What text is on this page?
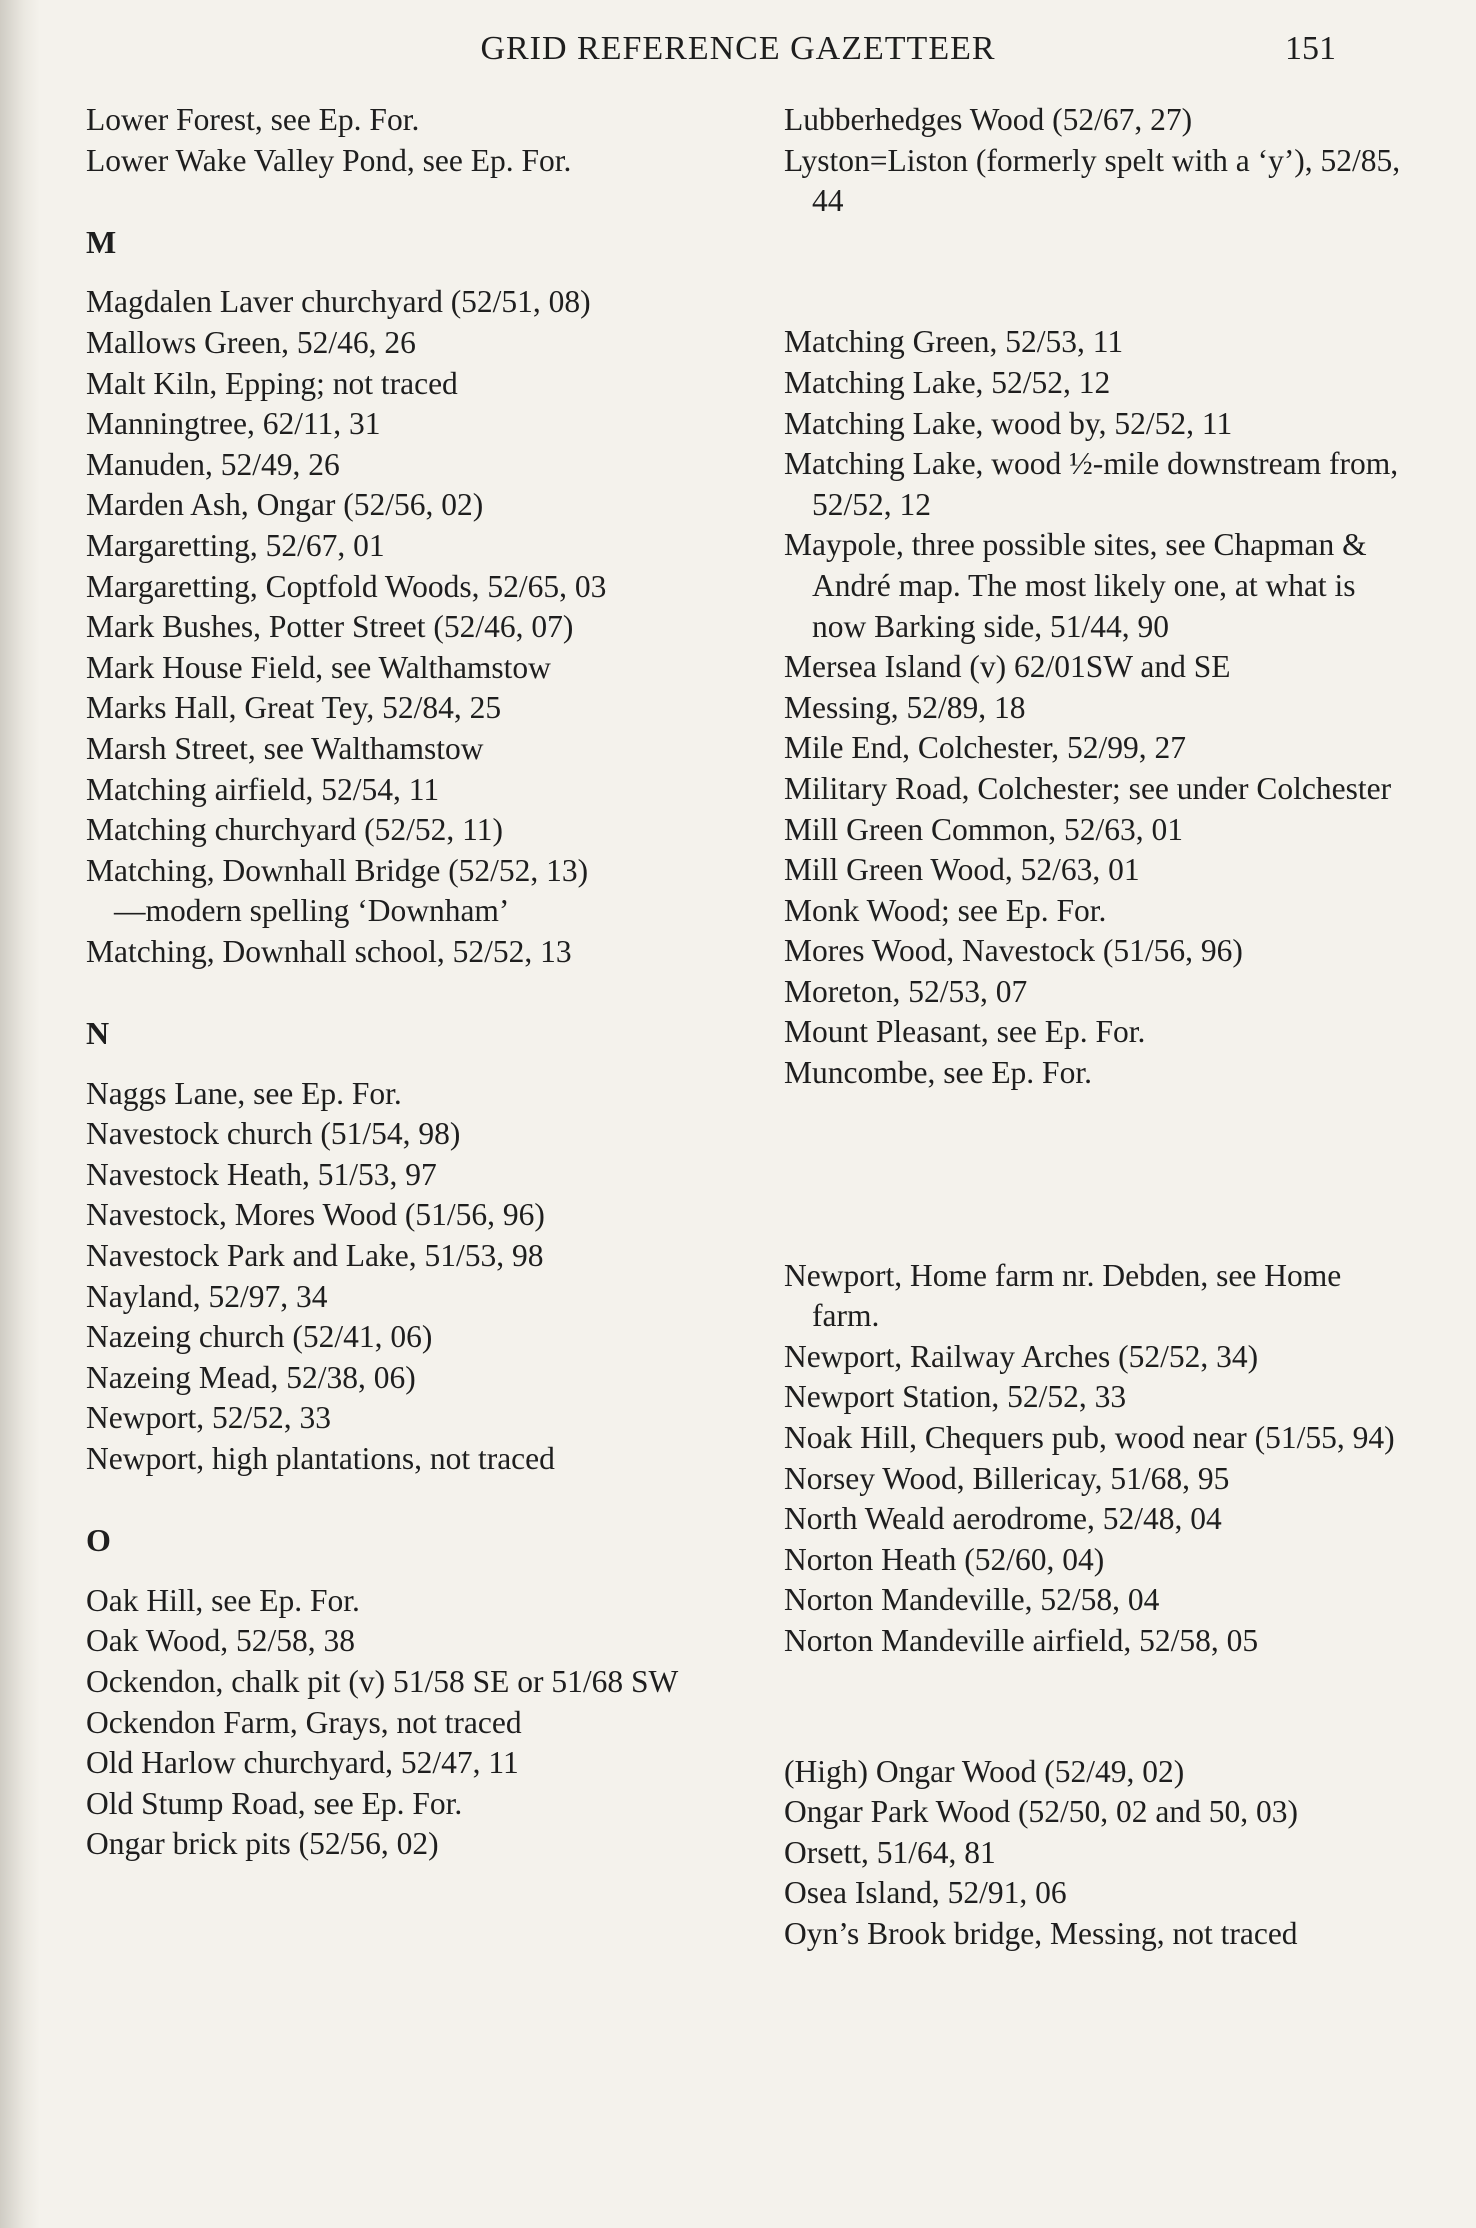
GRID REFERENCE GAZETTEER	151
Lower Forest, see Ep. For.
Lower Wake Valley Pond, see Ep. For.
M
Magdalen Laver churchyard (52/51, 08)
Mallows Green, 52/46, 26
Malt Kiln, Epping; not traced
Manningtree, 62/11, 31
Manuden, 52/49, 26
Marden Ash, Ongar (52/56, 02)
Margaretting, 52/67, 01
Margaretting, Coptfold Woods, 52/65, 03
Mark Bushes, Potter Street (52/46, 07)
Mark House Field, see Walthamstow
Marks Hall, Great Tey, 52/84, 25
Marsh Street, see Walthamstow
Matching airfield, 52/54, 11
Matching churchyard (52/52, 11)
Matching, Downhall Bridge (52/52, 13)
—modern spelling ‘Downham’
Matching, Downhall school, 52/52, 13
N
Naggs Lane, see Ep. For.
Navestock church (51/54, 98)
Navestock Heath, 51/53, 97
Navestock, Mores Wood (51/56, 96)
Navestock Park and Lake, 51/53, 98
Nayland, 52/97, 34
Nazeing church (52/41, 06)
Nazeing Mead, 52/38, 06)
Newport, 52/52, 33
Newport, high plantations, not traced
O
Oak Hill, see Ep. For.
Oak Wood, 52/58, 38
Ockendon, chalk pit (v) 51/58 SE or 51/68 SW
Ockendon Farm, Grays, not traced
Old Harlow churchyard, 52/47, 11
Old Stump Road, see Ep. For.
Ongar brick pits (52/56, 02)
Lubberhedges Wood (52/67, 27)
Lyston=Liston (formerly spelt with a ‘y’), 52/85, 44
Matching Green, 52/53, 11
Matching Lake, 52/52, 12
Matching Lake, wood by, 52/52, 11
Matching Lake, wood ½-mile downstream from, 52/52, 12
Maypole, three possible sites, see Chapman & André map. The most likely one, at what is now Barking side, 51/44, 90
Mersea Island (v) 62/01SW and SE
Messing, 52/89, 18
Mile End, Colchester, 52/99, 27
Military Road, Colchester; see under Colchester
Mill Green Common, 52/63, 01
Mill Green Wood, 52/63, 01
Monk Wood; see Ep. For.
Mores Wood, Navestock (51/56, 96)
Moreton, 52/53, 07
Mount Pleasant, see Ep. For.
Muncombe, see Ep. For.
Newport, Home farm nr. Debden, see Home farm.
Newport, Railway Arches (52/52, 34)
Newport Station, 52/52, 33
Noak Hill, Chequers pub, wood near (51/55, 94)
Norsey Wood, Billericay, 51/68, 95
North Weald aerodrome, 52/48, 04
Norton Heath (52/60, 04)
Norton Mandeville, 52/58, 04
Norton Mandeville airfield, 52/58, 05
(High) Ongar Wood (52/49, 02)
Ongar Park Wood (52/50, 02 and 50, 03)
Orsett, 51/64, 81
Osea Island, 52/91, 06
Oyn’s Brook bridge, Messing, not traced
